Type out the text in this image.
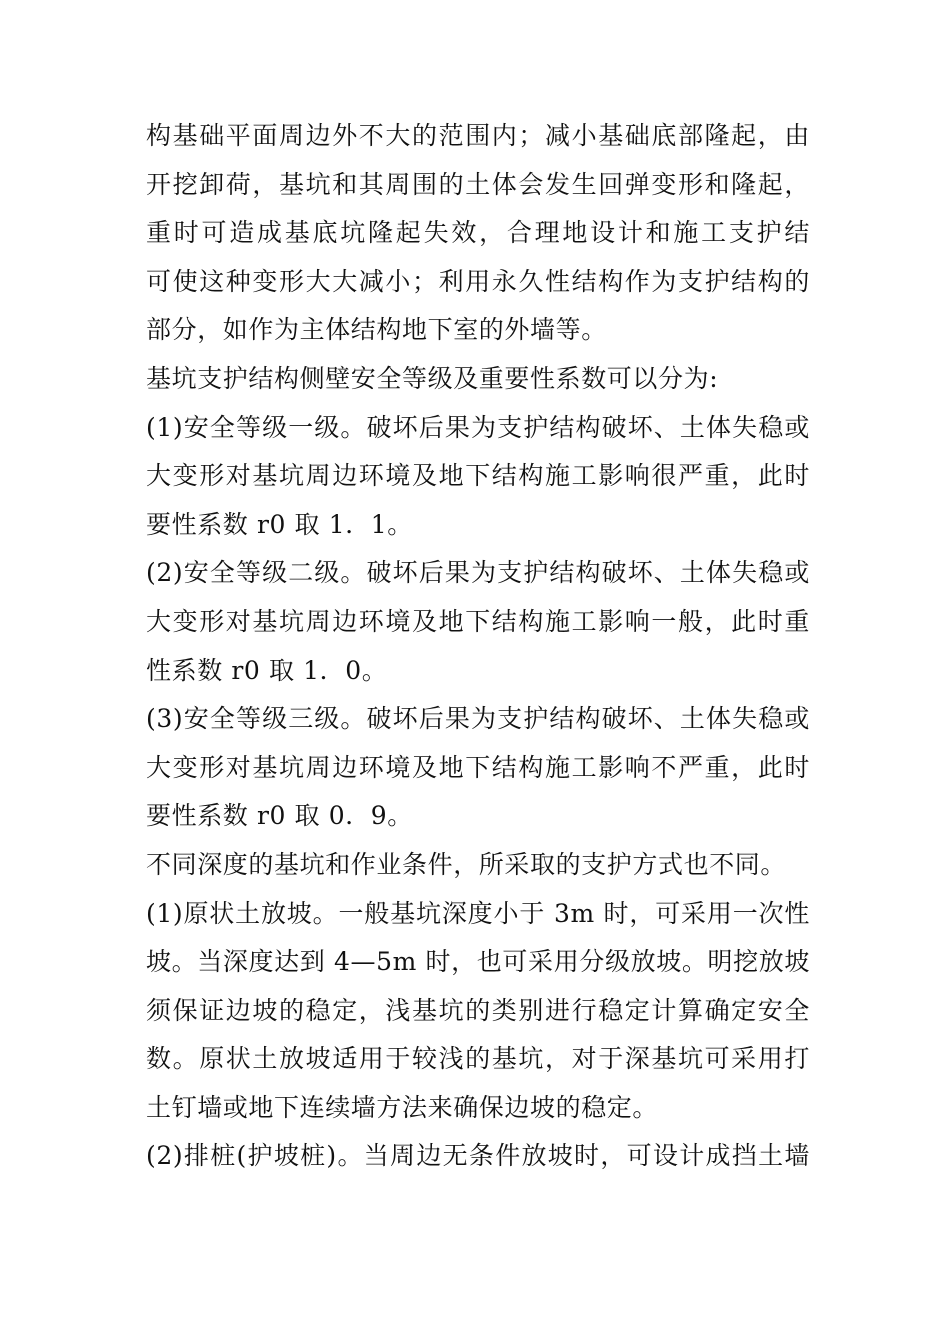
构基础平面周边外不大的范围内；减小基础底部隆起，由
开挖卸荷，基坑和其周围的土体会发生回弹变形和隆起，
重时可造成基底坑隆起失效，合理地设计和施工支护结
可使这种变形大大减小；利用永久性结构作为支护结构的
部分，如作为主体结构地下室的外墙等。
基坑支护结构侧壁安全等级及重要性系数可以分为:
(1)安全等级一级。破坏后果为支护结构破坏、土体失稳或
大变形对基坑周边环境及地下结构施工影响很严重，此时
要性系数 r0 取 1．1。
(2)安全等级二级。破坏后果为支护结构破坏、土体失稳或
大变形对基坑周边环境及地下结构施工影响一般，此时重
性系数 r0 取 1．0。
(3)安全等级三级。破坏后果为支护结构破坏、土体失稳或
大变形对基坑周边环境及地下结构施工影响不严重，此时
要性系数 r0 取 0．9。
不同深度的基坑和作业条件，所采取的支护方式也不同。
(1)原状土放坡。一般基坑深度小于 3m 时，可采用一次性
坡。当深度达到 4—5m 时，也可采用分级放坡。明挖放坡
须保证边坡的稳定，浅基坑的类别进行稳定计算确定安全
数。原状土放坡适用于较浅的基坑，对于深基坑可采用打
土钉墙或地下连续墙方法来确保边坡的稳定。
(2)排桩(护坡桩)。当周边无条件放坡时，可设计成挡土墙
